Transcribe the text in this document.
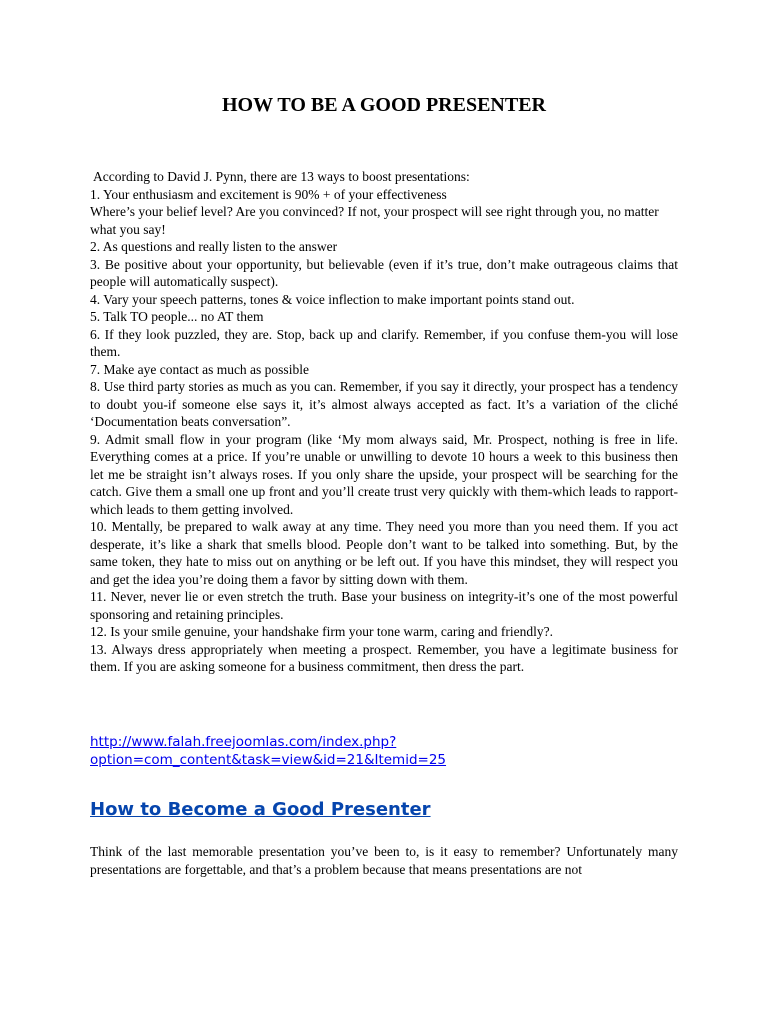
HOW TO BE A GOOD PRESENTER

According to David J. Pynn, there are 13 ways to boost presentations:

1. Your enthusiasm and excitement is 90% + of your effectiveness

Where’s your belief level? Are you convinced? If not, your prospect will see right through you, no matter what you say!

2. As questions and really listen to the answer

3. Be positive about your opportunity, but believable (even if it’s true, don’t make outrageous claims that people will automatically suspect).

4. Vary your speech patterns, tones & voice inflection to make important points stand out.

5. Talk TO people... no AT them

6. If they look puzzled, they are. Stop, back up and clarify. Remember, if you confuse them-you will lose them.

7. Make aye contact as much as possible

8. Use third party stories as much as you can. Remember, if you say it directly, your prospect has a tendency to doubt you-if someone else says it, it’s almost always accepted as fact. It’s a variation of the cliché ‘Documentation beats conversation”.

9. Admit small flow in your program (like ‘My mom always said, Mr. Prospect, nothing is free in life. Everything comes at a price. If you’re unable or unwilling to devote 10 hours a week to this business then let me be straight isn’t always roses. If you only share the upside, your prospect will be searching for the catch. Give them a small one up front and you’ll create trust very quickly with them-which leads to rapport-which leads to them getting involved.

10. Mentally, be prepared to walk away at any time. They need you more than you need them. If you act desperate, it’s like a shark that smells blood. People don’t want to be talked into something. But, by the same token, they hate to miss out on anything or be left out. If you have this mindset, they will respect you and get the idea you’re doing them a favor by sitting down with them.

11. Never, never lie or even stretch the truth. Base your business on integrity-it’s one of the most powerful sponsoring and retaining principles.

12. Is your smile genuine, your handshake firm your tone warm, caring and friendly?.

13. Always dress appropriately when meeting a prospect. Remember, you have a legitimate business for them. If you are asking someone for a business commitment, then dress the part.

http://www.falah.freejoomlas.com/index.php?
option=com_content&task=view&id=21&Itemid=25
How to Become a Good Presenter

Think of the last memorable presentation you’ve been to, is it easy to remember? Unfortunately many presentations are forgettable, and that’s a problem because that means presentations are not
